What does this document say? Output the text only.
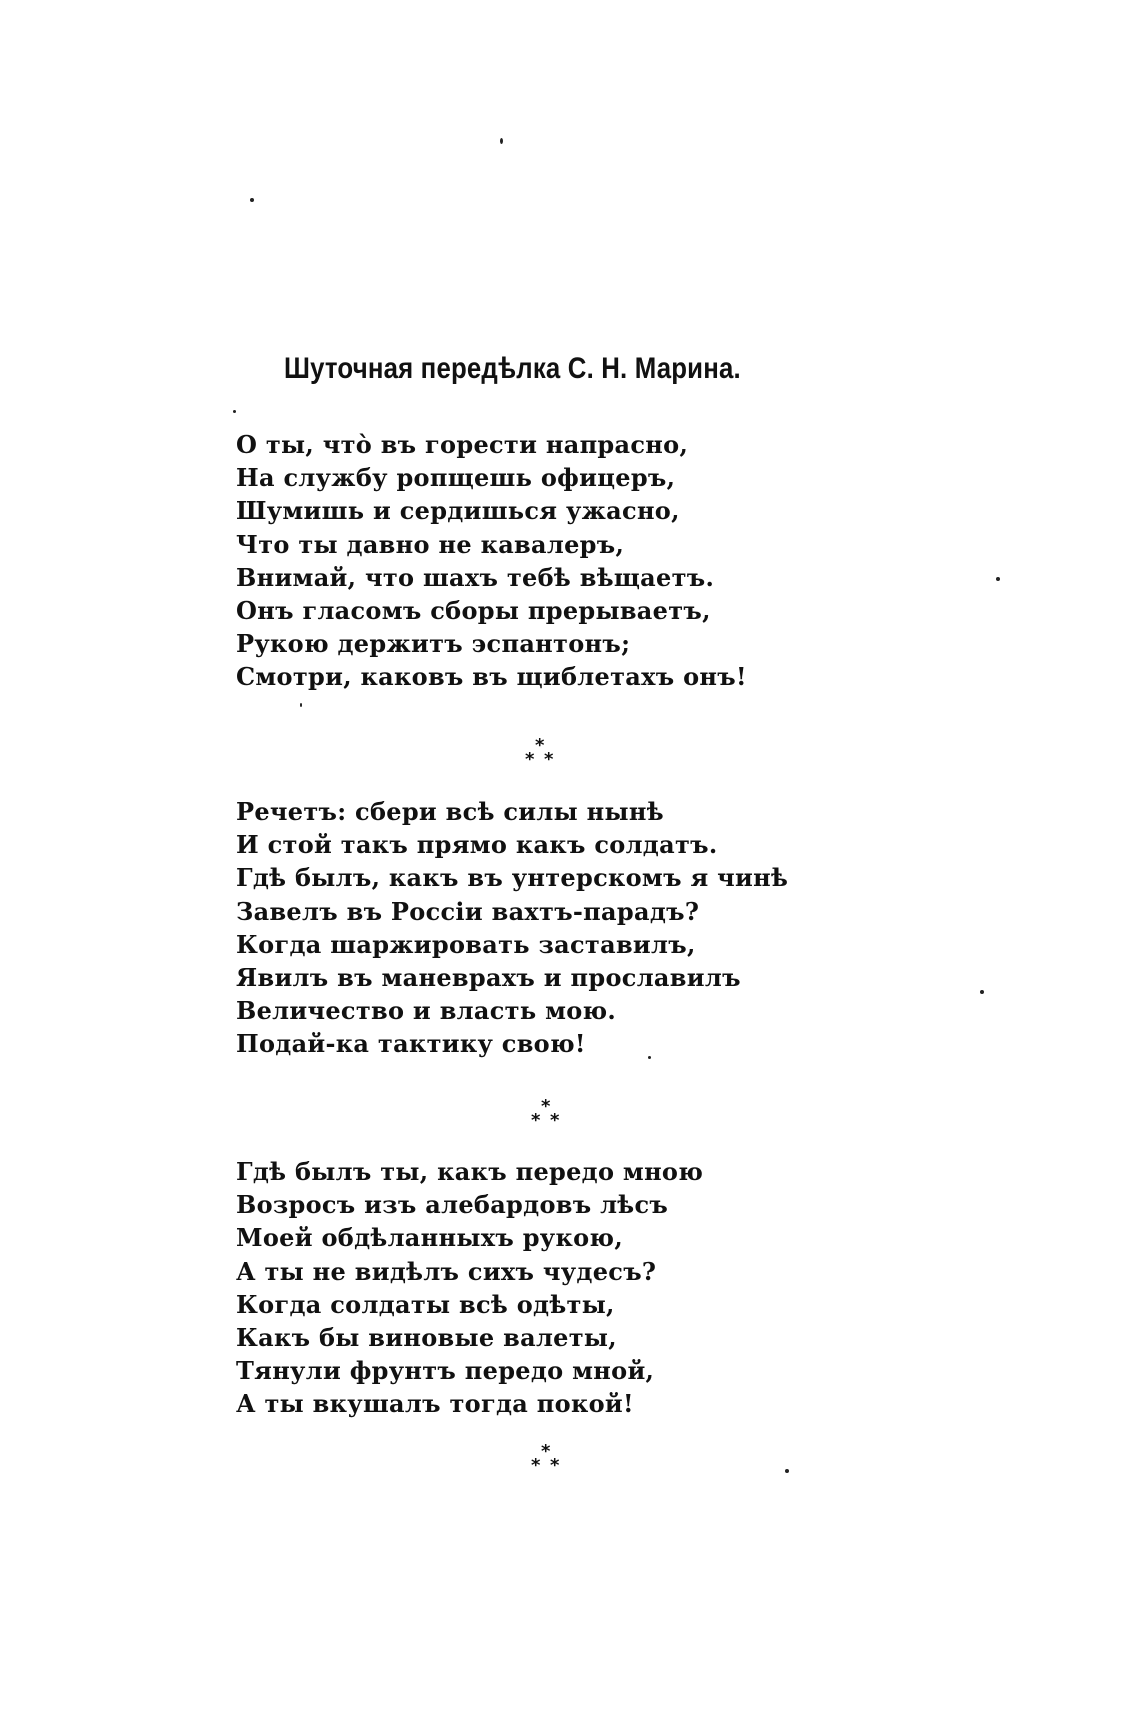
Шуточная передѣлка С. Н. Марина.
О ты, что̀ въ горести напрасно,
На службу ропщешь офицеръ,
Шумишь и сердишься ужасно,
Что ты давно не кавалеръ,
Внимай, что шахъ тебѣ вѣщаетъ.
Онъ гласомъ сборы прерываетъ,
Рукою держитъ эспантонъ;
Смотри, каковъ въ щиблетахъ онъ!
*
* *
Речетъ: сбери всѣ силы нынѣ
И стой такъ прямо какъ солдатъ.
Гдѣ былъ, какъ въ унтерскомъ я чинѣ
Завелъ въ Россіи вахтъ-парадъ?
Когда шаржировать заставилъ,
Явилъ въ маневрахъ и прославилъ
Величество и власть мою.
Подай-ка тактику свою!
*
* *
Гдѣ былъ ты, какъ передо мною
Возросъ изъ алебардовъ лѣсъ
Моей обдѣланныхъ рукою,
А ты не видѣлъ сихъ чудесъ?
Когда солдаты всѣ одѣты,
Какъ бы виновые валеты,
Тянули фрунтъ передо мной,
А ты вкушалъ тогда покой!
*
* *
